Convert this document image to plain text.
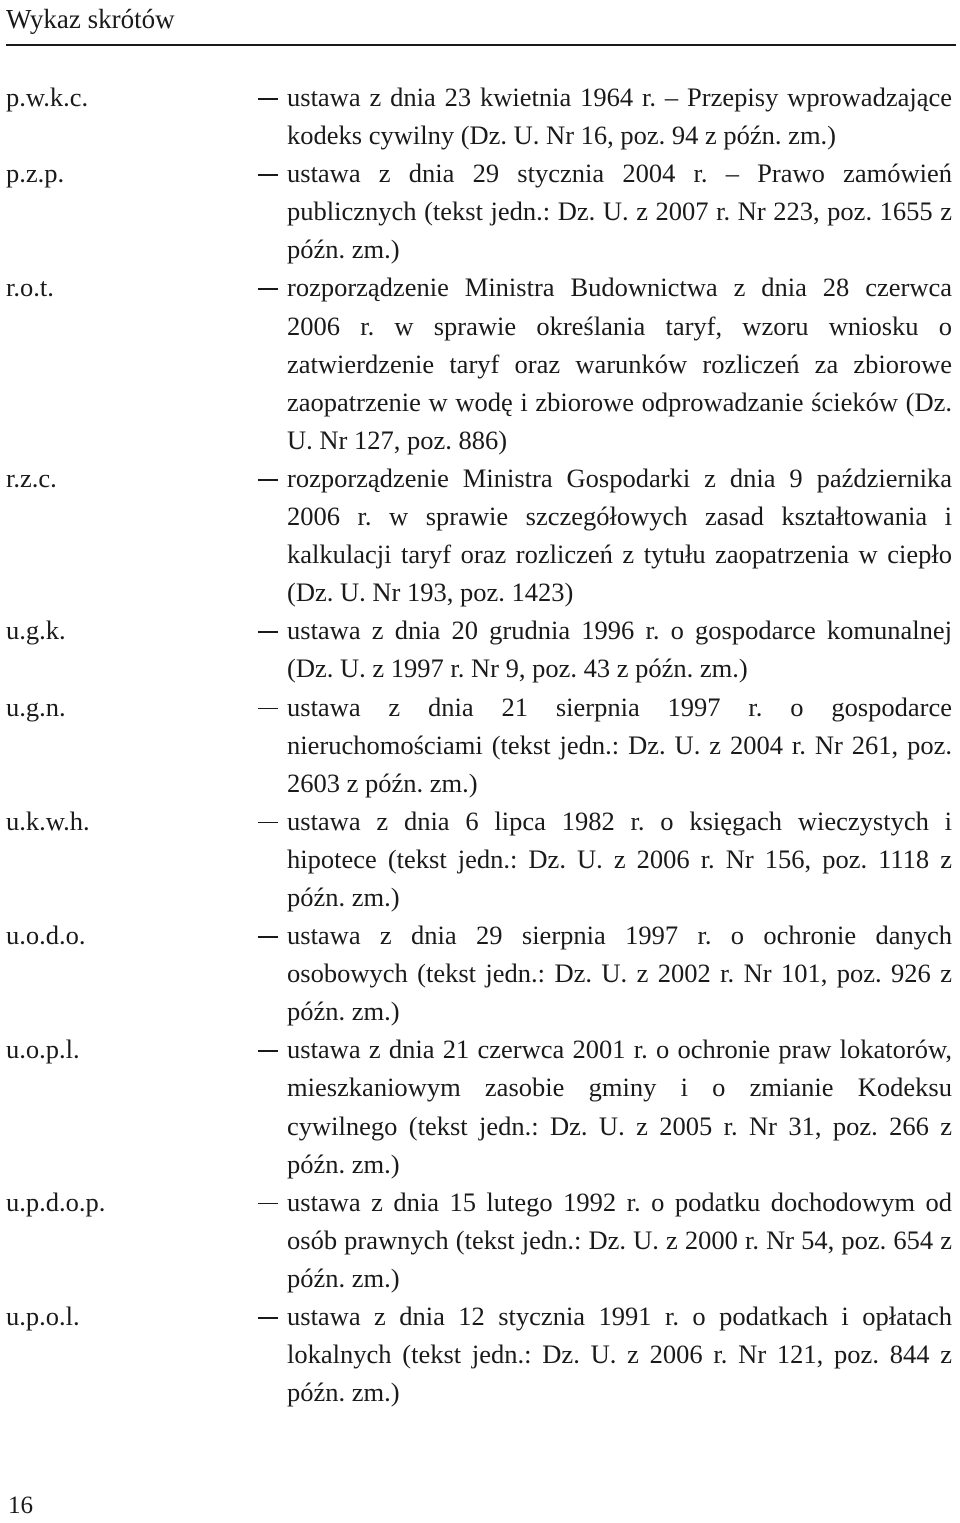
Wykaz skrótów
p.w.k.c.	ustawa z dnia 23 kwietnia 1964 r. – Przepisy wprowadzające kodeks cywilny (Dz. U. Nr 16, poz. 94 z późn. zm.)
p.z.p.	ustawa z dnia 29 stycznia 2004 r. – Prawo zamówień publicznych (tekst jedn.: Dz. U. z 2007 r. Nr 223, poz. 1655 z późn. zm.)
r.o.t.	rozporządzenie Ministra Budownictwa z dnia 28 czerwca 2006 r. w sprawie określania taryf, wzoru wniosku o zatwierdzenie taryf oraz warunków rozliczeń za zbiorowe zaopatrzenie w wodę i zbiorowe odprowadzanie ścieków (Dz. U. Nr 127, poz. 886)
r.z.c.	rozporządzenie Ministra Gospodarki z dnia 9 października 2006 r. w sprawie szczegółowych zasad kształtowania i kalkulacji taryf oraz rozliczeń z tytułu zaopatrzenia w ciepło (Dz. U. Nr 193, poz. 1423)
u.g.k.	ustawa z dnia 20 grudnia 1996 r. o gospodarce komunalnej (Dz. U. z 1997 r. Nr 9, poz. 43 z późn. zm.)
u.g.n.	ustawa z dnia 21 sierpnia 1997 r. o gospodarce nieruchomościami (tekst jedn.: Dz. U. z 2004 r. Nr 261, poz. 2603 z późn. zm.)
u.k.w.h.	ustawa z dnia 6 lipca 1982 r. o księgach wieczystych i hipotece (tekst jedn.: Dz. U. z 2006 r. Nr 156, poz. 1118 z późn. zm.)
u.o.d.o.	ustawa z dnia 29 sierpnia 1997 r. o ochronie danych osobowych (tekst jedn.: Dz. U. z 2002 r. Nr 101, poz. 926 z późn. zm.)
u.o.p.l.	ustawa z dnia 21 czerwca 2001 r. o ochronie praw lokatorów, mieszkaniowym zasobie gminy i o zmianie Kodeksu cywilnego (tekst jedn.: Dz. U. z 2005 r. Nr 31, poz. 266 z późn. zm.)
u.p.d.o.p.	ustawa z dnia 15 lutego 1992 r. o podatku dochodowym od osób prawnych (tekst jedn.: Dz. U. z 2000 r. Nr 54, poz. 654 z późn. zm.)
u.p.o.l.	ustawa z dnia 12 stycznia 1991 r. o podatkach i opłatach lokalnych (tekst jedn.: Dz. U. z 2006 r. Nr 121, poz. 844 z późn. zm.)
16
